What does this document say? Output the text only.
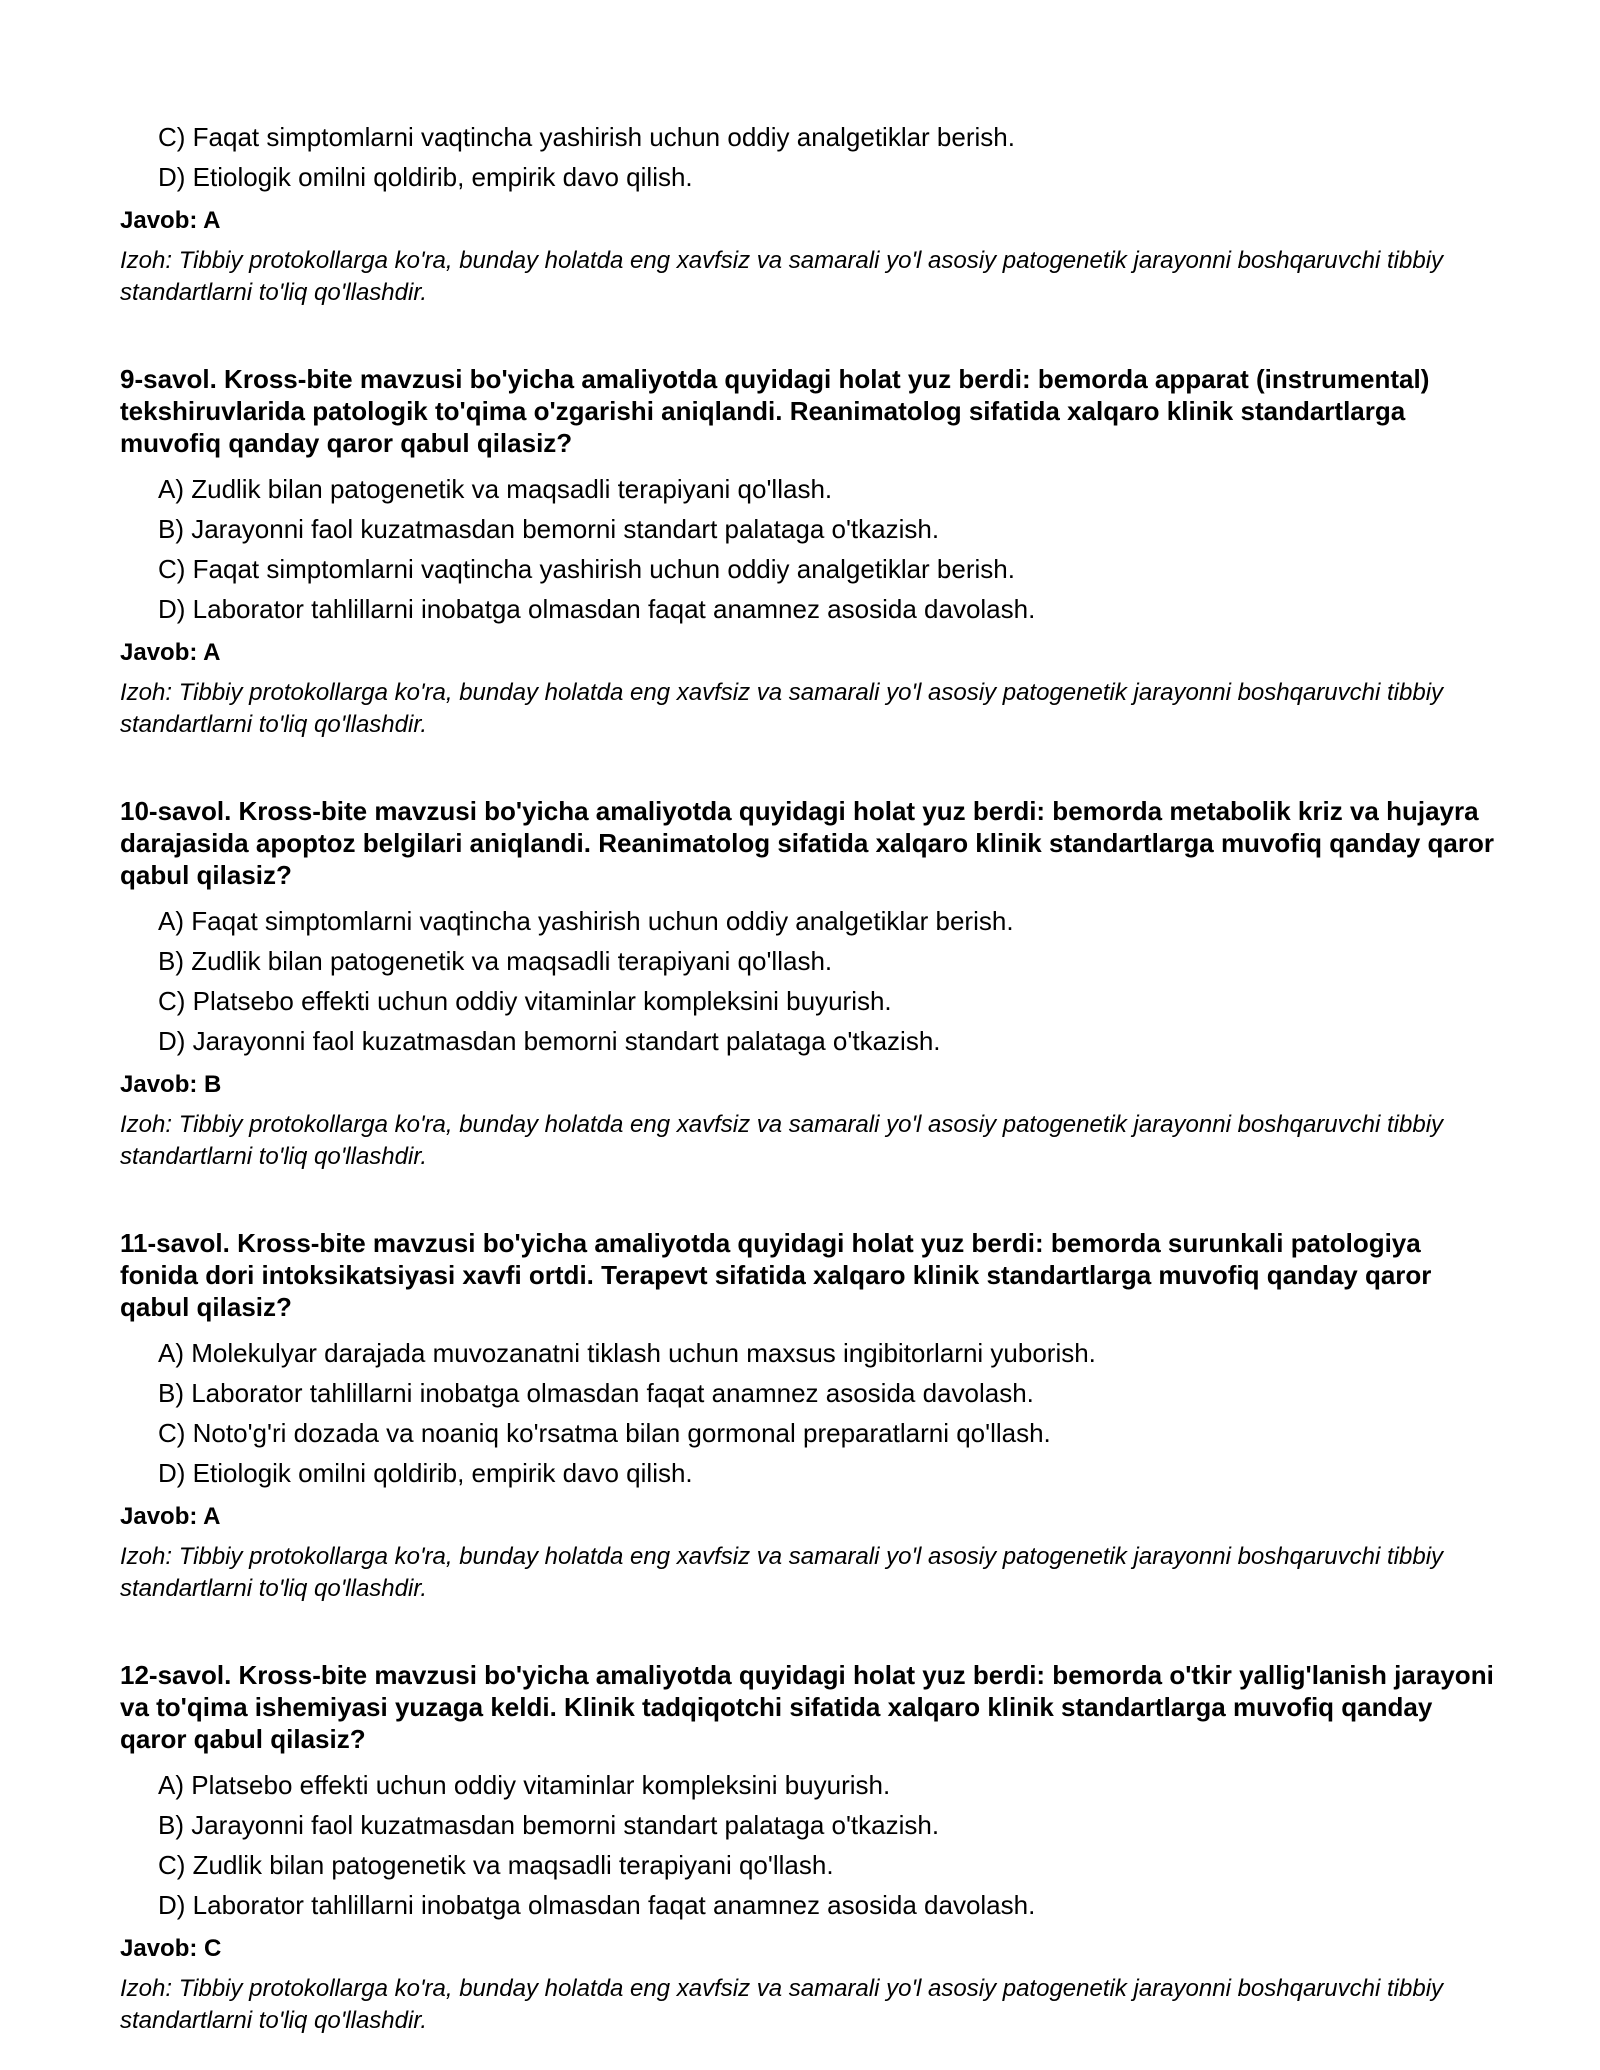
C) Faqat simptomlarni vaqtincha yashirish uchun oddiy analgetiklar berish.
D) Etiologik omilni qoldirib, empirik davo qilish.
Javob: A
Izoh: Tibbiy protokollarga ko'ra, bunday holatda eng xavfsiz va samarali yo'l asosiy patogenetik jarayonni boshqaruvchi tibbiy standartlarni to'liq qo'llashdir.
9-savol. Kross-bite mavzusi bo'yicha amaliyotda quyidagi holat yuz berdi: bemorda apparat (instrumental) tekshiruvlarida patologik to'qima o'zgarishi aniqlandi. Reanimatolog sifatida xalqaro klinik standartlarga muvofiq qanday qaror qabul qilasiz?
A) Zudlik bilan patogenetik va maqsadli terapiyani qo'llash.
B) Jarayonni faol kuzatmasdan bemorni standart palataga o'tkazish.
C) Faqat simptomlarni vaqtincha yashirish uchun oddiy analgetiklar berish.
D) Laborator tahlillarni inobatga olmasdan faqat anamnez asosida davolash.
Javob: A
Izoh: Tibbiy protokollarga ko'ra, bunday holatda eng xavfsiz va samarali yo'l asosiy patogenetik jarayonni boshqaruvchi tibbiy standartlarni to'liq qo'llashdir.
10-savol. Kross-bite mavzusi bo'yicha amaliyotda quyidagi holat yuz berdi: bemorda metabolik kriz va hujayra darajasida apoptoz belgilari aniqlandi. Reanimatolog sifatida xalqaro klinik standartlarga muvofiq qanday qaror qabul qilasiz?
A) Faqat simptomlarni vaqtincha yashirish uchun oddiy analgetiklar berish.
B) Zudlik bilan patogenetik va maqsadli terapiyani qo'llash.
C) Platsebo effekti uchun oddiy vitaminlar kompleksini buyurish.
D) Jarayonni faol kuzatmasdan bemorni standart palataga o'tkazish.
Javob: B
Izoh: Tibbiy protokollarga ko'ra, bunday holatda eng xavfsiz va samarali yo'l asosiy patogenetik jarayonni boshqaruvchi tibbiy standartlarni to'liq qo'llashdir.
11-savol. Kross-bite mavzusi bo'yicha amaliyotda quyidagi holat yuz berdi: bemorda surunkali patologiya fonida dori intoksikatsiyasi xavfi ortdi. Terapevt sifatida xalqaro klinik standartlarga muvofiq qanday qaror qabul qilasiz?
A) Molekulyar darajada muvozanatni tiklash uchun maxsus ingibitorlarni yuborish.
B) Laborator tahlillarni inobatga olmasdan faqat anamnez asosida davolash.
C) Noto'g'ri dozada va noaniq ko'rsatma bilan gormonal preparatlarni qo'llash.
D) Etiologik omilni qoldirib, empirik davo qilish.
Javob: A
Izoh: Tibbiy protokollarga ko'ra, bunday holatda eng xavfsiz va samarali yo'l asosiy patogenetik jarayonni boshqaruvchi tibbiy standartlarni to'liq qo'llashdir.
12-savol. Kross-bite mavzusi bo'yicha amaliyotda quyidagi holat yuz berdi: bemorda o'tkir yallig'lanish jarayoni va to'qima ishemiyasi yuzaga keldi. Klinik tadqiqotchi sifatida xalqaro klinik standartlarga muvofiq qanday qaror qabul qilasiz?
A) Platsebo effekti uchun oddiy vitaminlar kompleksini buyurish.
B) Jarayonni faol kuzatmasdan bemorni standart palataga o'tkazish.
C) Zudlik bilan patogenetik va maqsadli terapiyani qo'llash.
D) Laborator tahlillarni inobatga olmasdan faqat anamnez asosida davolash.
Javob: C
Izoh: Tibbiy protokollarga ko'ra, bunday holatda eng xavfsiz va samarali yo'l asosiy patogenetik jarayonni boshqaruvchi tibbiy standartlarni to'liq qo'llashdir.
